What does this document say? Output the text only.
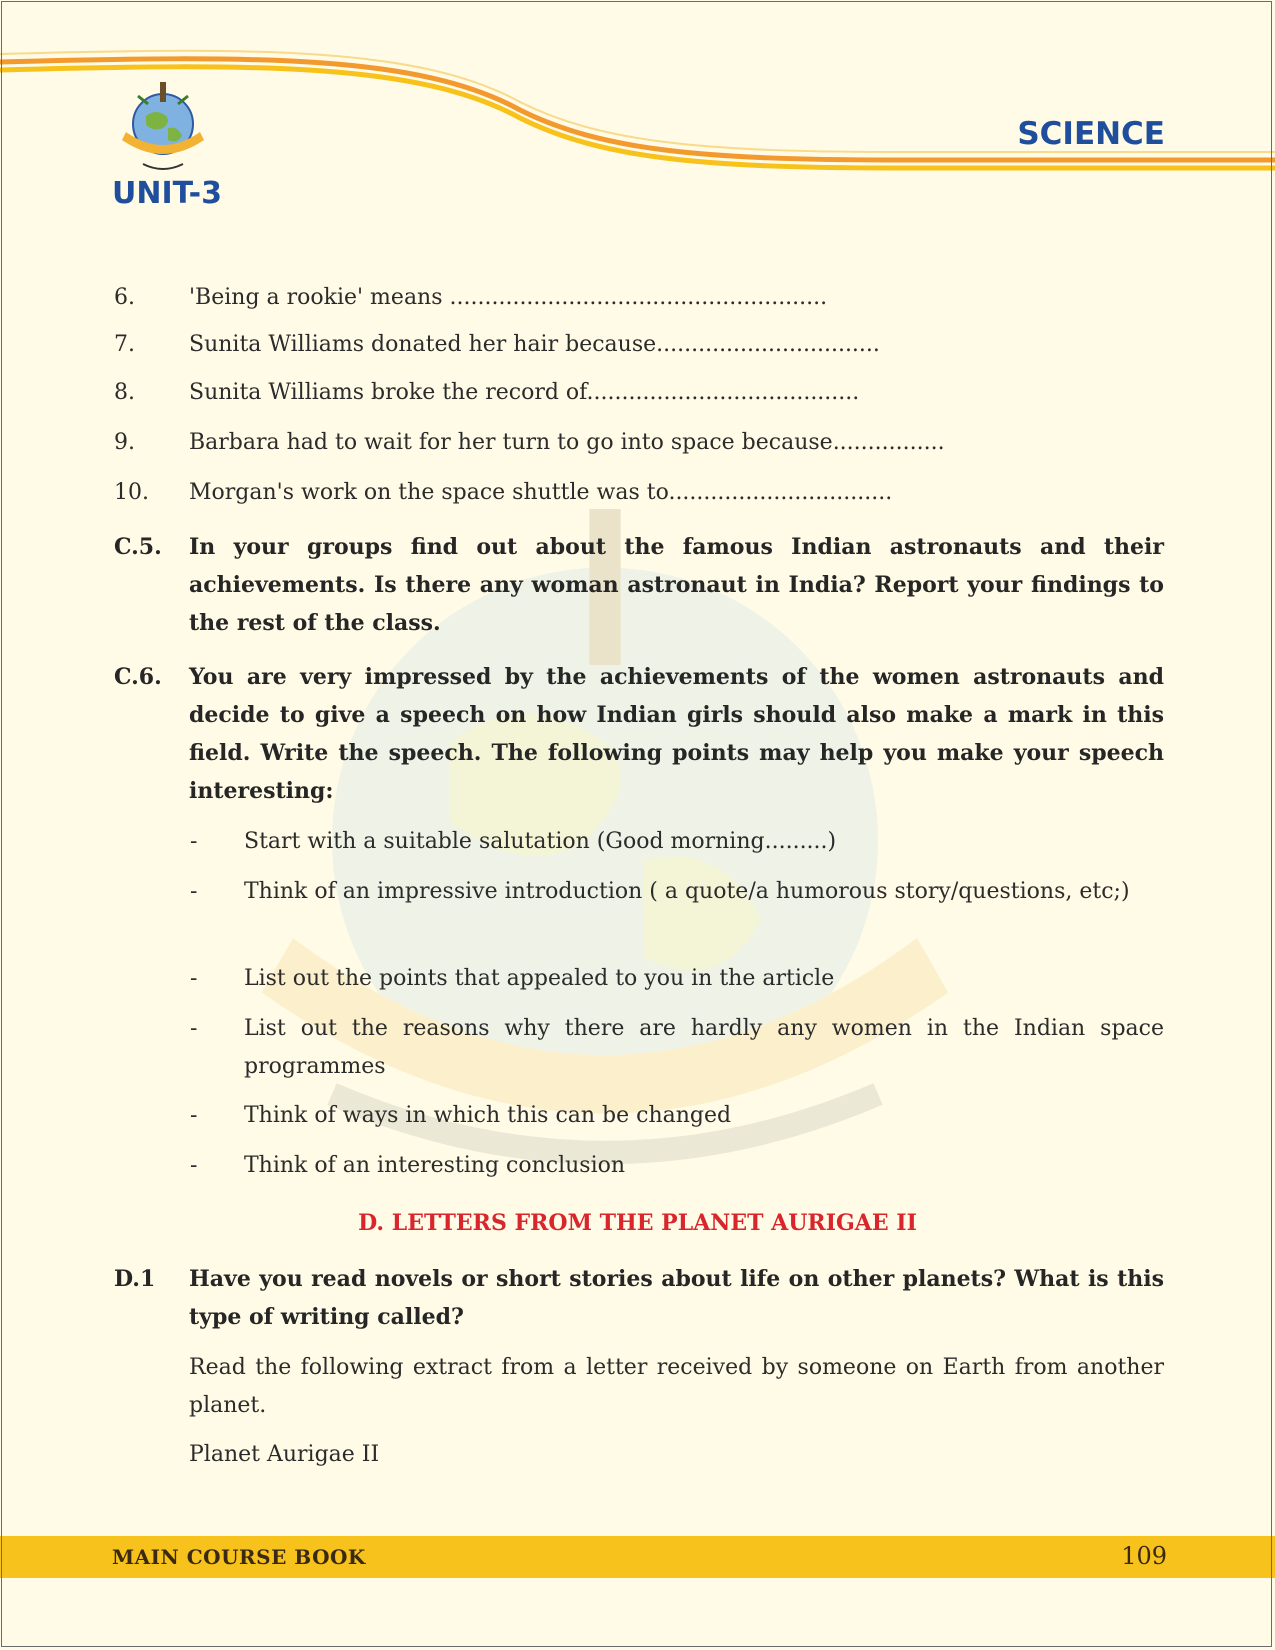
UNIT-3
SCIENCE
6. 'Being a rookie' means ......................................................
7. Sunita Williams donated her hair because................................
8. Sunita Williams broke the record of.......................................
9. Barbara had to wait for her turn to go into space because................
10. Morgan's work on the space shuttle was to................................
C.5. In your groups find out about the famous Indian astronauts and their achievements. Is there any woman astronaut in India? Report your findings to the rest of the class.
C.6. You are very impressed by the achievements of the women astronauts and decide to give a speech on how Indian girls should also make a mark in this field. Write the speech. The following points may help you make your speech interesting:
- Start with a suitable salutation (Good morning.........)
- Think of an impressive introduction ( a quote/a humorous story/questions, etc;)
- List out the points that appealed to you in the article
- List out the reasons why there are hardly any women in the Indian space programmes
- Think of ways in which this can be changed
- Think of an interesting conclusion
D. LETTERS FROM THE PLANET AURIGAE II
D.1 Have you read novels or short stories about life on other planets? What is this type of writing called?
Read the following extract from a letter received by someone on Earth from another planet.
Planet Aurigae II
MAIN COURSE BOOK	109
